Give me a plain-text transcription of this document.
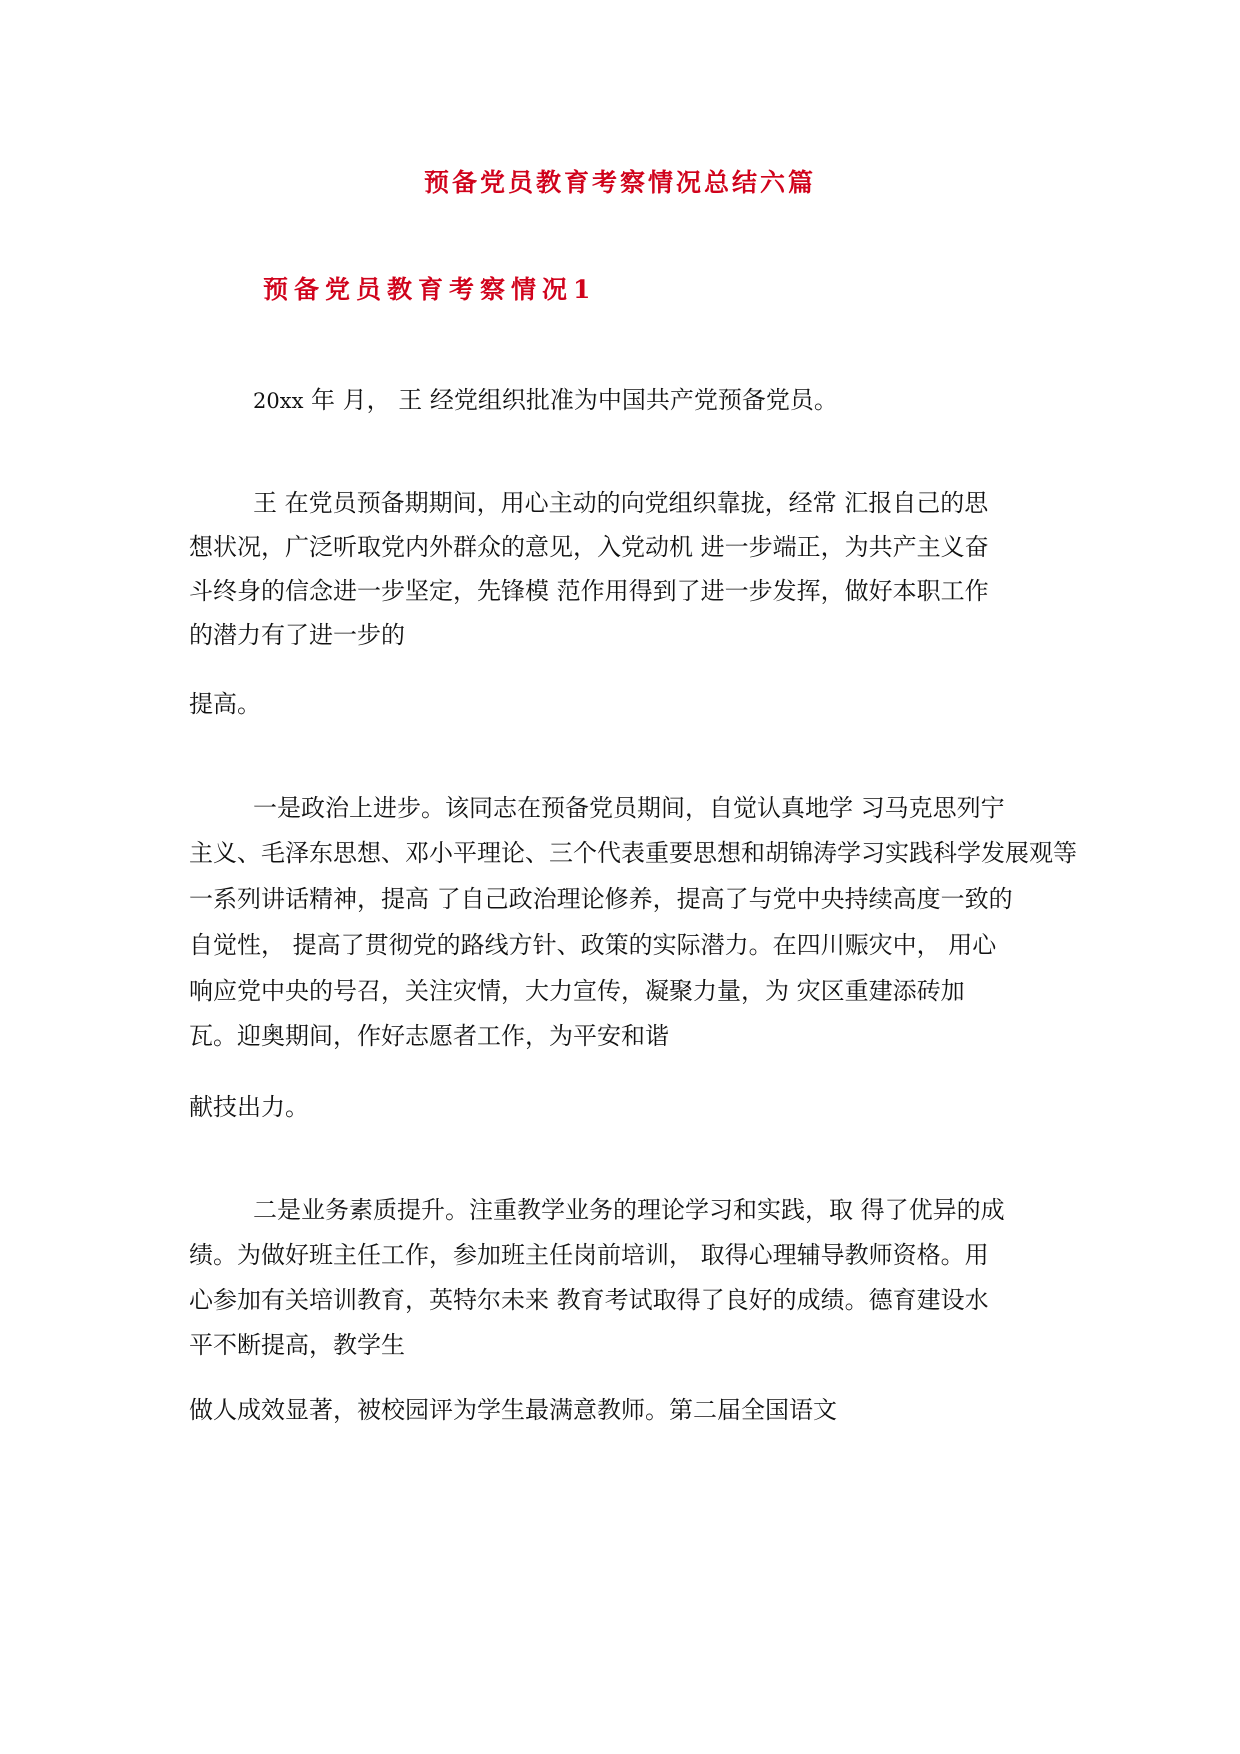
预备党员教育考察情况总结六篇
预备党员教育考察情况1
20xx 年 月， 王 经党组织批准为中国共产党预备党员。
王 在党员预备期期间，用心主动的向党组织靠拢，经常 汇报自己的思
想状况，广泛听取党内外群众的意见，入党动机 进一步端正，为共产主义奋
斗终身的信念进一步坚定，先锋模 范作用得到了进一步发挥，做好本职工作
的潜力有了进一步的
提高。
一是政治上进步。该同志在预备党员期间，自觉认真地学 习马克思列宁
主义、毛泽东思想、邓小平理论、三个代表重要思想和胡锦涛学习实践科学发展观等
一系列讲话精神，提高 了自己政治理论修养，提高了与党中央持续高度一致的
自觉性， 提高了贯彻党的路线方针、政策的实际潜力。在四川赈灾中， 用心
响应党中央的号召，关注灾情，大力宣传，凝聚力量，为 灾区重建添砖加
瓦。迎奥期间，作好志愿者工作，为平安和谐
献技出力。
二是业务素质提升。注重教学业务的理论学习和实践，取 得了优异的成
绩。为做好班主任工作，参加班主任岗前培训， 取得心理辅导教师资格。用
心参加有关培训教育，英特尔未来 教育考试取得了良好的成绩。德育建设水
平不断提高，教学生
做人成效显著，被校园评为学生最满意教师。第二届全国语文
